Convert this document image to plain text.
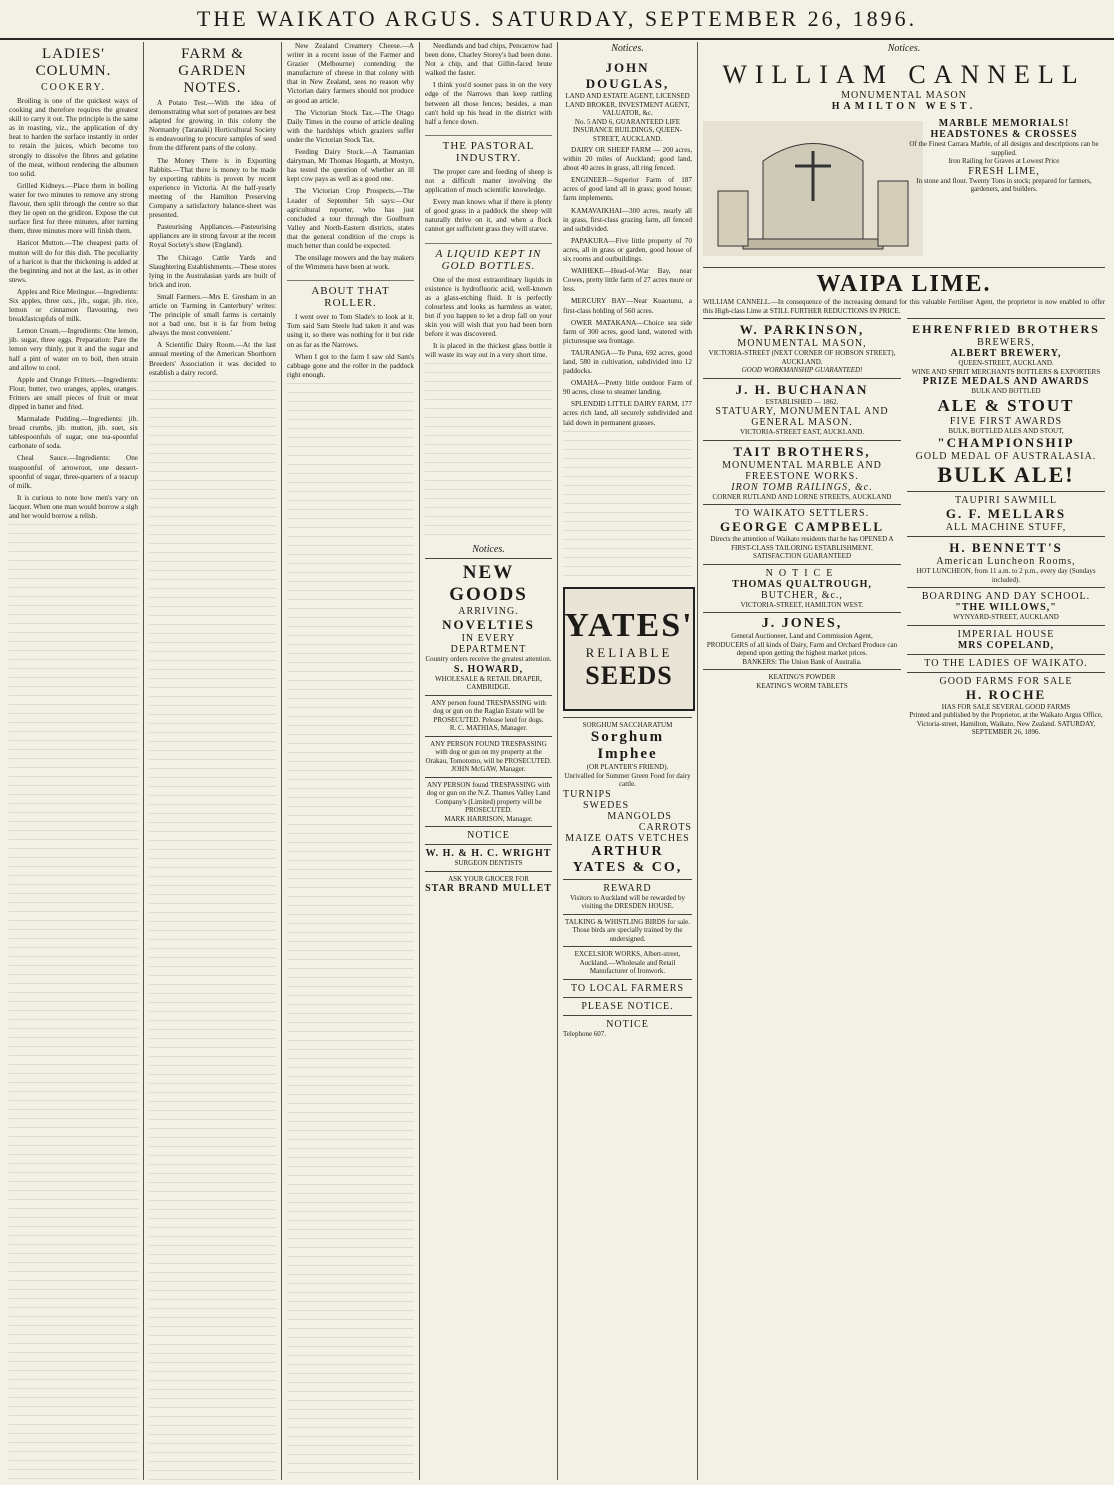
THE WAIKATO ARGUS. SATURDAY, SEPTEMBER 26, 1896.
LADIES' COLUMN.
COOKERY.

Broiling is one of the quickest ways of cooking and therefore requires the greatest skill to carry it out. The principle is the same as in roasting, viz., the application of dry heat to harden the surface instantly in order to retain the juices, which become too strongly to dissolve the fibres and gelatine of the meat, without rendering the albumen too solid.

Grilled Kidneys.—Place them in boiling water for two minutes to remove any strong flavour, then split through the centre so that they lie open on the gridiron. Expose the cut surface first for three minutes, after turning them, three minutes more will finish them.

Haricot Mutton.—The cheapest parts of mutton will do for this dish. The peculiarity of a haricot is that the thickening is added at the beginning and not at the last, as in other stews.

Apples and Rice Meringue.—Ingredients: Six apples, three ozs., jib., sugar, jib. rice, lemon or cinnamon flavouring, two breakfastcupfuls of milk.

Lemon Cream.—Ingredients: One lemon, jib. sugar, three eggs. Preparation: Pare the lemon very thinly, put it and the sugar and half a pint of water on to boil, then strain and allow to cool.

Apple and Orange Fritters.—Ingredients: Flour, butter, two oranges, apples, oranges. Fritters are small pieces of fruit or meat dipped in batter and fried.

Marmalade Pudding.—Ingredients: jib. bread crumbs, jib. mutton, jib. suet, six tablespoonfuls of sugar, one tea-spoonful carbonate of soda.

Cheal Sauce.—Ingredients: One teaspoonful of arrowroot, one dessert-spoonful of sugar, three-quarters of a teacup of milk.

It is curious to note how men's vary on lacquer. When one man would borrow a sigh and her would borrow a relish.

FARM & GARDEN NOTES.

A Potato Test.—With the idea of demonstrating what sort of potatoes are best adapted for growing in this colony the Normanby (Taranaki) Horticultural Society is endeavouring to procure samples of seed from the different parts of the colony.

The Money There is in Exporting Rabbits.—That there is money to be made by exporting rabbits is proven by recent experience in Victoria. At the half-yearly meeting of the Hamilton Preserving Company a satisfactory balance-sheet was presented.

Pasteurising Appliances.—Pasteurising appliances are in strong favour at the recent Royal Society's show (England).

The Chicago Cattle Yards and Slaughtering Establishments.—These stores lying in the Australasian yards are built of brick and iron.

Small Farmers.—Mrs E. Gresham in an article on 'Farming in Canterbury' writes: 'The principle of small farms is certainly not a bad one, but it is far from being always the most convenient.'

A Scientific Dairy Room.—At the last annual meeting of the American Shorthorn Breeders' Association it was decided to establish a dairy record.

New Zealand Creamery Cheese.—A writer in a recent issue of the Farmer and Grazier (Melbourne) contending the manufacture of cheese in that colony with that in New Zealand, sees no reason why Victorian dairy farmers should not produce as good an article.

The Victorian Stock Tax.—The Otago Daily Times in the course of article dealing with the hardships which graziers suffer under the Victorian Stock Tax.

Feeding Dairy Stock.—A Tasmanian dairyman, Mr Thomas Hogarth, at Mostyn, has tested the question of whether an ill kept cow pays as well as a good one.

The Victorian Crop Prospects.—The Leader of September 5th says:—Our agricultural reporter, who has just concluded a tour through the Goulburn Valley and North-Eastern districts, states that the general condition of the crops is much better than could be expected.

The ensilage mowers and the hay makers of the Wimmera have been at work.

ABOUT THAT ROLLER.

I went over to Tom Slade's to look at it. Tom said Sam Steele had taken it and was using it, so there was nothing for it but ride on as far as the Narrows.

When I got to the farm I saw old Sam's cabbage gone and the roller in the paddock right enough.

Needlands and bad chips, Pencarrow had been done, Charley Storey's had been done. Not a chip, and that Gillin-faced brute walked the faster.

I think you'd sooner pass in on the very edge of the Narrows than keep rattling between all those fences; besides, a man can't hold up his head in the district with half a fence down.

THE PASTORAL INDUSTRY.

The proper care and feeding of sheep is not a difficult matter involving the application of much scientific knowledge.

Every man knows what if there is plenty of good grass in a paddock the sheep will naturally thrive on it, and when a flock cannot get sufficient grass they will starve.

A LIQUID KEPT IN GOLD BOTTLES.

One of the most extraordinary liquids in existence is hydrofluoric acid, well-known as a glass-etching fluid. It is perfectly colourless and looks as harmless as water, but if you happen to let a drop fall on your skin you will wish that you had been born before it was discovered.

It is placed in the thickest glass bottle it will waste its way out in a very short time.

Notices.
NEW GOODS
ARRIVING.
NOVELTIES
IN EVERY DEPARTMENT
Country orders receive the greatest attention.
S. HOWARD,
WHOLESALE & RETAIL DRAPER, CAMBRIDGE.
ANY person found TRESPASSING with dog or gun on the Raglan Estate will be PROSECUTED. Pelease lend for dogs.
R. C. MATHIAS, Manager.
ANY PERSON FOUND TRESPASSING with dog or gun on my property at the Orakau, Tomotomo, will be PROSECUTED.
JOHN McGAW, Manager.
ANY PERSON found TRESPASSING with dog or gun on the N.Z. Thames Valley Land Company's (Limited) property will be PROSECUTED.
MARK HARRISON, Manager.
NOTICE
W. H. & H. C. WRIGHT
SURGEON DENTISTS
ASK YOUR GROCER FOR
STAR BRAND MULLET
Notices.
JOHN DOUGLAS,
LAND AND ESTATE AGENT, LICENSED LAND BROKER, INVESTMENT AGENT, VALUATOR, &c.
No. 5 AND 6, GUARANTEED LIFE INSURANCE BUILDINGS, QUEEN-STREET, AUCKLAND.

DAIRY OR SHEEP FARM — 200 acres, within 20 miles of Auckland; good land, about 40 acres in grass, all ring fenced.

ENGINEER—Superior Farm of 187 acres of good land all in grass; good house; farm implements.

KAMAVAIKHAI—300 acres, nearly all in grass, first-class grazing farm, all fenced and subdivided.

PAPAKURA—Five little property of 70 acres, all in grass or garden, good house of six rooms and outbuildings.

WAIHEKE—Head-of-War Bay, near Cowes, pretty little farm of 27 acres more or less.

MERCURY BAY—Near Kuaotunu, a first-class holding of 560 acres.

OWER MATAKANA—Choice sea side farm of 300 acres, good land, watered with picturesque sea frontage.

TAURANGA—Te Puna, 692 acres, good land, 580 in cultivation, subdivided into 12 paddocks.

OMAHA—Pretty little outdoor Farm of 90 acres, close to steamer landing.

SPLENDID LITTLE DAIRY FARM, 177 acres rich land, all securely subdivided and laid down in permanent grasses.

YATES'
RELIABLE
SEEDS
SORGHUM SACCHARATUM
Sorghum Imphee
(OR PLANTER'S FRIEND).
Unrivalled for Summer Green Food for dairy cattle.
TURNIPS
SWEDES
MANGOLDS
CARROTS
MAIZE OATS VETCHES
ARTHUR YATES & CO,
REWARD
Visitors to Auckland will be rewarded by visiting the DRESDEN HOUSE.
TALKING & WHISTLING BIRDS for sale. Those birds are specially trained by the undersigned.
EXCELSIOR WORKS, Albert-street, Auckland.—Wholesale and Retail Manufacturer of Ironwork.
TO LOCAL FARMERS
PLEASE NOTICE.
NOTICE
Telephone 607.
Notices.
WILLIAM CANNELL
MONUMENTAL MASON
HAMILTON WEST.
MARBLE MEMORIALS! HEADSTONES & CROSSES
Of the Finest Carrara Marble, of all designs and descriptions can be supplied.
Iron Railing for Graves at Lowest Price
FRESH LIME,
In stone and flour. Twenty Tons in stock; prepared for farmers, gardeners, and builders.
WAIPA LIME.
WILLIAM CANNELL.—In consequence of the increasing demand for this valuable Fertiliser Agent, the proprietor is now enabled to offer this High-class Lime at STILL FURTHER REDUCTIONS IN PRICE.
W. PARKINSON,
MONUMENTAL MASON,
VICTORIA-STREET (NEXT CORNER OF HOBSON STREET), AUCKLAND.
GOOD WORKMANSHIP GUARANTEED!
J. H. BUCHANAN
ESTABLISHED — 1862.
STATUARY, MONUMENTAL AND GENERAL MASON.
VICTORIA-STREET EAST, AUCKLAND.
TAIT BROTHERS,
MONUMENTAL MARBLE AND FREESTONE WORKS.
IRON TOMB RAILINGS, &c.
CORNER RUTLAND AND LORNE STREETS, AUCKLAND
TO WAIKATO SETTLERS.
GEORGE CAMPBELL
Directs the attention of Waikato residents that he has OPENED A FIRST-CLASS TAILORING ESTABLISHMENT.
SATISFACTION GUARANTEED
NOTICE
THOMAS QUALTROUGH,
BUTCHER, &c.,
VICTORIA-STREET, HAMILTON WEST.
J. JONES,
General Auctioneer, Land and Commission Agent,
PRODUCERS of all kinds of Dairy, Farm and Orchard Produce can depend upon getting the highest market prices.
BANKERS: The Union Bank of Australia.
KEATING'S POWDER
KEATING'S WORM TABLETS
EHRENFRIED BROTHERS
BREWERS,
ALBERT BREWERY,
QUEEN-STREET, AUCKLAND.
WINE AND SPIRIT MERCHANTS BOTTLERS & EXPORTERS
PRIZE MEDALS AND AWARDS
BULK AND BOTTLED
ALE & STOUT
FIVE FIRST AWARDS
BULK, BOTTLED ALES AND STOUT,
"CHAMPIONSHIP
GOLD MEDAL OF AUSTRALASIA.
BULK ALE!
TAUPIRI SAWMILL
G. F. MELLARS
ALL MACHINE STUFF,
H. BENNETT'S
American Luncheon Rooms,
HOT LUNCHEON, from 11 a.m. to 2 p.m., every day (Sundays included).
BOARDING AND DAY SCHOOL.
"THE WILLOWS,"
WYNYARD-STREET, AUCKLAND
IMPERIAL HOUSE
MRS COPELAND,
TO THE LADIES OF WAIKATO.
GOOD FARMS FOR SALE
H. ROCHE
HAS FOR SALE SEVERAL GOOD FARMS
Printed and published by the Proprietor, at the Waikato Argus Office, Victoria-street, Hamilton, Waikato, New Zealand. SATURDAY, SEPTEMBER 26, 1896.
